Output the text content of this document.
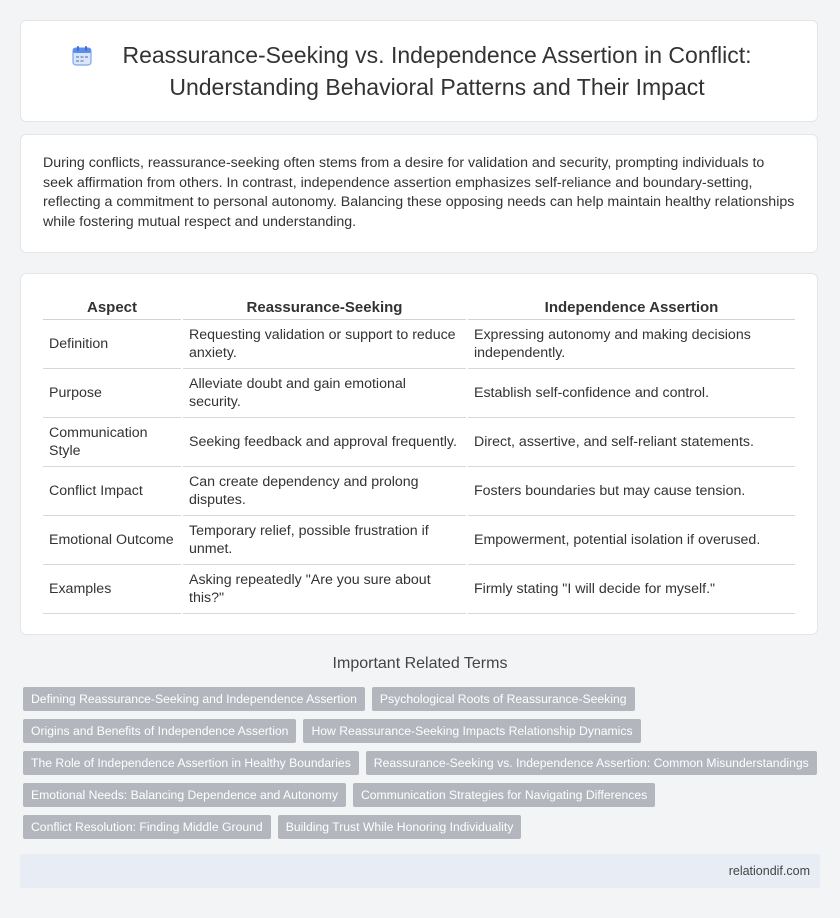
Reassurance-Seeking vs. Independence Assertion in Conflict: Understanding Behavioral Patterns and Their Impact

During conflicts, reassurance-seeking often stems from a desire for validation and security, prompting individuals to seek affirmation from others. In contrast, independence assertion emphasizes self-reliance and boundary-setting, reflecting a commitment to personal autonomy. Balancing these opposing needs can help maintain healthy relationships while fostering mutual respect and understanding.

Aspect	Reassurance-Seeking	Independence Assertion
Definition	Requesting validation or support to reduce anxiety.	Expressing autonomy and making decisions independently.
Purpose	Alleviate doubt and gain emotional security.	Establish self-confidence and control.
Communication Style	Seeking feedback and approval frequently.	Direct, assertive, and self-reliant statements.
Conflict Impact	Can create dependency and prolong disputes.	Fosters boundaries but may cause tension.
Emotional Outcome	Temporary relief, possible frustration if unmet.	Empowerment, potential isolation if overused.
Examples	Asking repeatedly "Are you sure about this?"	Firmly stating "I will decide for myself."
Important Related Terms
Defining Reassurance-Seeking and Independence Assertion	Psychological Roots of Reassurance-Seeking
Origins and Benefits of Independence Assertion	How Reassurance-Seeking Impacts Relationship Dynamics
The Role of Independence Assertion in Healthy Boundaries	Reassurance-Seeking vs. Independence Assertion: Common Misunderstandings
Emotional Needs: Balancing Dependence and Autonomy	Communication Strategies for Navigating Differences
Conflict Resolution: Finding Middle Ground	Building Trust While Honoring Individuality
relationdif.com
